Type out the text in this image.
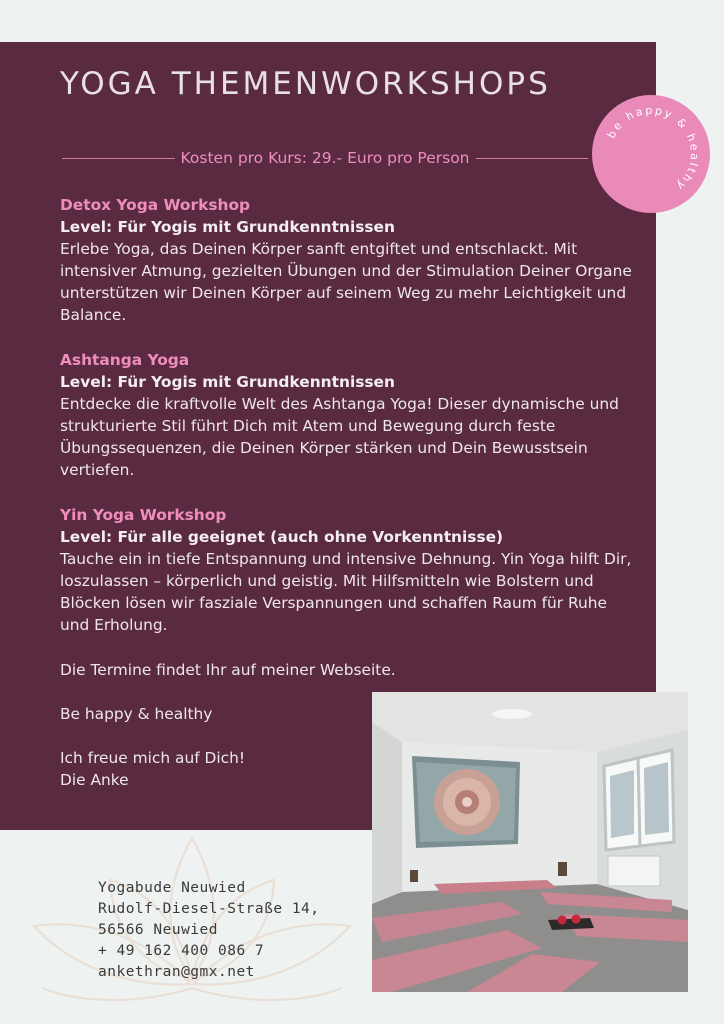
YOGA THEMENWORKSHOPS
Kosten pro Kurs: 29.- Euro pro Person
be happy & healthy
Detox Yoga Workshop
Level: Für Yogis mit Grundkenntnissen

Erlebe Yoga, das Deinen Körper sanft entgiftet und entschlackt. Mit intensiver Atmung, gezielten Übungen und der Stimulation Deiner Organe unterstützen wir Deinen Körper auf seinem Weg zu mehr Leichtigkeit und Balance.

Ashtanga Yoga
Level: Für Yogis mit Grundkenntnissen

Entdecke die kraftvolle Welt des Ashtanga Yoga! Dieser dynamische und strukturierte Stil führt Dich mit Atem und Bewegung durch feste Übungssequenzen, die Deinen Körper stärken und Dein Bewusstsein vertiefen.

Yin Yoga Workshop
Level: Für alle geeignet (auch ohne Vorkenntnisse)

Tauche ein in tiefe Entspannung und intensive Dehnung. Yin Yoga hilft Dir, loszulassen – körperlich und geistig. Mit Hilfsmitteln wie Bolstern und Blöcken lösen wir fasziale Verspannungen und schaffen Raum für Ruhe und Erholung.

Die Termine findet Ihr auf meiner Webseite.

Be happy & healthy

Ich freue mich auf Dich!

Die Anke

Yogabude Neuwied
Rudolf-Diesel-Straße 14,
56566 Neuwied
+ 49 162 400 086 7
ankethran@gmx.net
